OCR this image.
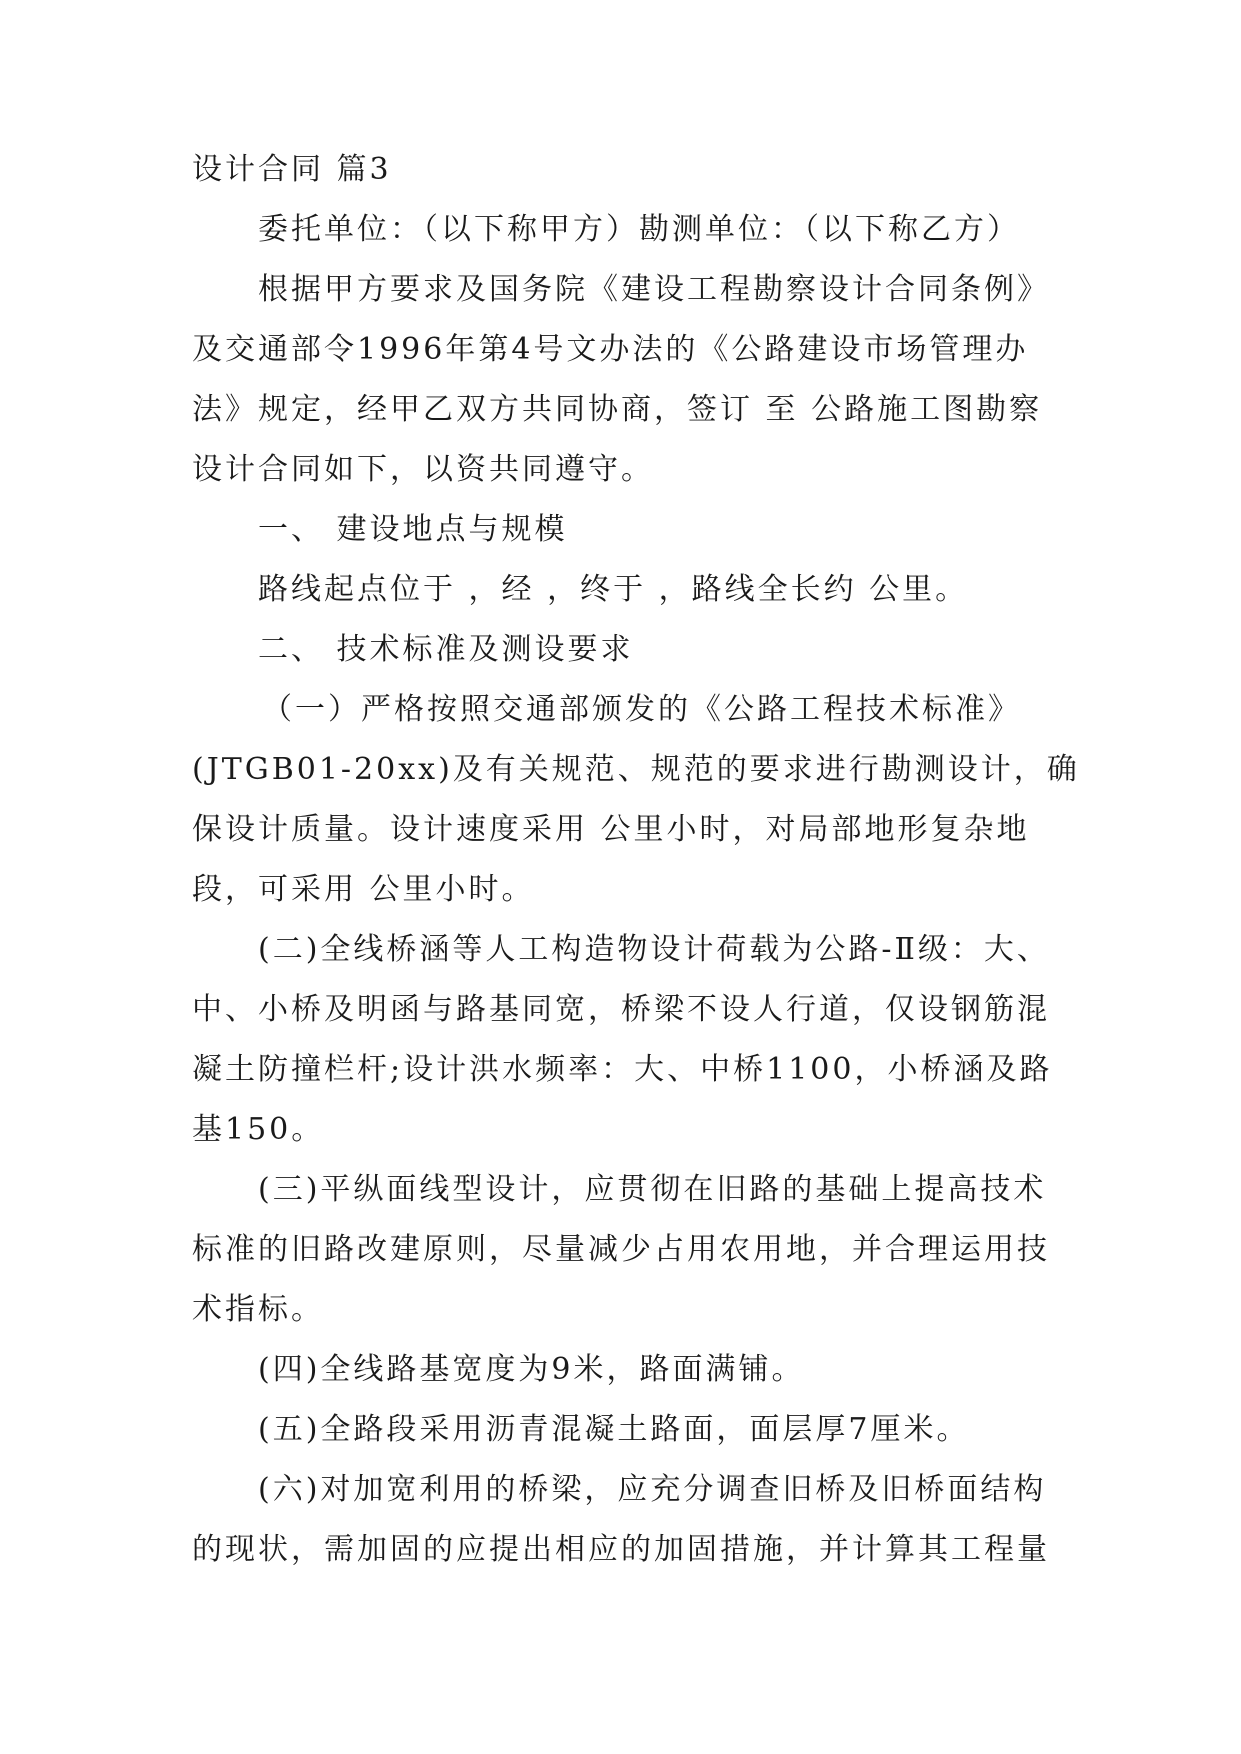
设计合同 篇3
委托单位：（以下称甲方）勘测单位：（以下称乙方）
根据甲方要求及国务院《建设工程勘察设计合同条例》
及交通部令1996年第4号文办法的《公路建设市场管理办
法》规定，经甲乙双方共同协商，签订 至 公路施工图勘察
设计合同如下，以资共同遵守。
一、 建设地点与规模
路线起点位于 ，经 ，终于 ，路线全长约 公里。
二、 技术标准及测设要求
（一）严格按照交通部颁发的《公路工程技术标准》
(JTGB01-20xx)及有关规范、规范的要求进行勘测设计，确
保设计质量。设计速度采用 公里小时，对局部地形复杂地
段，可采用 公里小时。
(二)全线桥涵等人工构造物设计荷载为公路-Ⅱ级：大、
中、小桥及明函与路基同宽，桥梁不设人行道，仅设钢筋混
凝土防撞栏杆;设计洪水频率：大、中桥1100，小桥涵及路
基150。
(三)平纵面线型设计，应贯彻在旧路的基础上提高技术
标准的旧路改建原则，尽量减少占用农用地，并合理运用技
术指标。
(四)全线路基宽度为9米，路面满铺。
(五)全路段采用沥青混凝土路面，面层厚7厘米。
(六)对加宽利用的桥梁，应充分调查旧桥及旧桥面结构
的现状，需加固的应提出相应的加固措施，并计算其工程量
